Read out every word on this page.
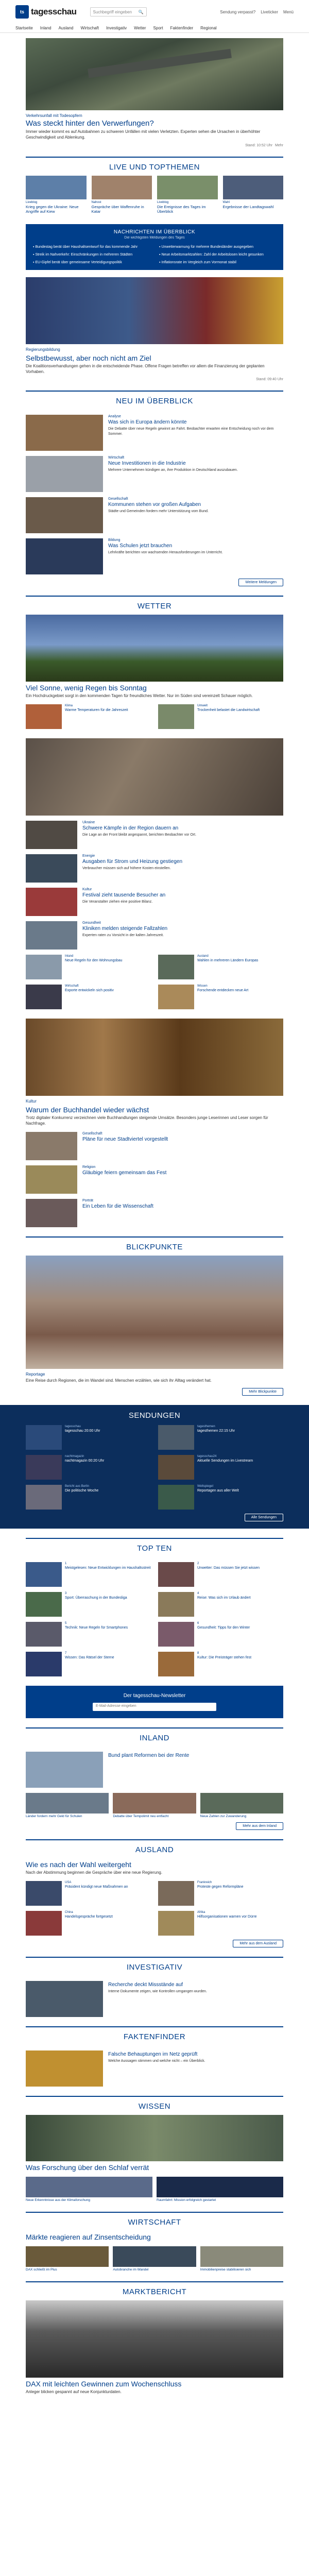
ts tagesschau	Suchbegriff eingeben 🔍	Sendung verpasst? Liveticker Menü
Startseite Inland Ausland Wirtschaft Investigativ Wetter Sport Faktenfinder Regional
Verkehrsunfall mit Todesopfern
Was steckt hinter den Verwerfungen?
Immer wieder kommt es auf Autobahnen zu schweren Unfällen mit vielen Verletzten. Experten sehen die Ursachen in überhöhter Geschwindigkeit und Ablenkung.
Stand: 10:52 Uhr Mehr
LIVE UND TOPTHEMEN
Liveblog
Krieg gegen die Ukraine: Neue Angriffe auf Kiew
Nahost
Gespräche über Waffenruhe in Katar
Liveblog
Die Ereignisse des Tages im Überblick
Wahl
Ergebnisse der Landtagswahl
NACHRICHTEN IM ÜBERBLICK
Die wichtigsten Meldungen des Tages
▪ Bundestag berät über Haushaltsentwurf für das kommende Jahr	▪ Unwetterwarnung für mehrere Bundesländer ausgegeben
▪ Streik im Nahverkehr: Einschränkungen in mehreren Städten	▪ Neue Arbeitsmarktzahlen: Zahl der Arbeitslosen leicht gesunken
▪ EU-Gipfel berät über gemeinsame Verteidigungspolitik	▪ Inflationsrate im Vergleich zum Vormonat stabil
Regierungsbildung
Selbstbewusst, aber noch nicht am Ziel
Die Koalitionsverhandlungen gehen in die entscheidende Phase. Offene Fragen betreffen vor allem die Finanzierung der geplanten Vorhaben.
Stand: 09:40 Uhr
NEU IM ÜBERBLICK
Analyse
Was sich in Europa ändern könnte

Die Debatte über neue Regeln gewinnt an Fahrt. Beobachter erwarten eine Entscheidung noch vor dem Sommer.

Wirtschaft
Neue Investitionen in die Industrie

Mehrere Unternehmen kündigen an, ihre Produktion in Deutschland auszubauen.

Gesellschaft
Kommunen stehen vor großen Aufgaben

Städte und Gemeinden fordern mehr Unterstützung vom Bund.

Bildung
Was Schulen jetzt brauchen

Lehrkräfte berichten von wachsenden Herausforderungen im Unterricht.

Weitere Meldungen
WETTER
Viel Sonne, wenig Regen bis Sonntag
Ein Hochdruckgebiet sorgt in den kommenden Tagen für freundliches Wetter. Nur im Süden sind vereinzelt Schauer möglich.
Klima
Warme Temperaturen für die Jahreszeit
Umwelt
Trockenheit belastet die Landwirtschaft
Ukraine
Schwere Kämpfe in der Region dauern an

Die Lage an der Front bleibt angespannt, berichten Beobachter vor Ort.

Energie
Ausgaben für Strom und Heizung gestiegen

Verbraucher müssen sich auf höhere Kosten einstellen.

Kultur
Festival zieht tausende Besucher an

Die Veranstalter ziehen eine positive Bilanz.

Gesundheit
Kliniken melden steigende Fallzahlen

Experten raten zu Vorsicht in der kalten Jahreszeit.

Inland
Neue Regeln für den Wohnungsbau
Ausland
Wahlen in mehreren Ländern Europas
Wirtschaft
Exporte entwickeln sich positiv
Wissen
Forschende entdecken neue Art
Kultur
Warum der Buchhandel wieder wächst
Trotz digitaler Konkurrenz verzeichnen viele Buchhandlungen steigende Umsätze. Besonders junge Leserinnen und Leser sorgen für Nachfrage.
Gesellschaft
Pläne für neue Stadtviertel vorgestellt
Religion
Gläubige feiern gemeinsam das Fest
Porträt
Ein Leben für die Wissenschaft
BLICKPUNKTE
Reportage
Eine Reise durch Regionen, die im Wandel sind. Menschen erzählen, wie sich ihr Alltag verändert hat.
Mehr Blickpunkte
SENDUNGEN
tagesschau
tagesschau 20:00 Uhr
tagesthemen
tagesthemen 22:15 Uhr
nachtmagazin
nachtmagazin 00:20 Uhr
tagesschau24
Aktuelle Sendungen im Livestream
Bericht aus Berlin
Die politische Woche
Weltspiegel
Reportagen aus aller Welt
Alle Sendungen
TOP TEN
1
Meistgelesen: Neue Entwicklungen im Haushaltsstreit
2
Unwetter: Das müssen Sie jetzt wissen
3
Sport: Überraschung in der Bundesliga
4
Reise: Was sich im Urlaub ändert
5
Technik: Neue Regeln für Smartphones
6
Gesundheit: Tipps für den Winter
7
Wissen: Das Rätsel der Sterne
8
Kultur: Die Preisträger stehen fest
Der tagesschau-Newsletter
E-Mail-Adresse eingeben
INLAND
Bund plant Reformen bei der Rente
Länder fordern mehr Geld für Schulen	Debatte über Tempolimit neu entfacht	Neue Zahlen zur Zuwanderung
Mehr aus dem Inland
AUSLAND
Wie es nach der Wahl weitergeht
Nach der Abstimmung beginnen die Gespräche über eine neue Regierung.
USA
Präsident kündigt neue Maßnahmen an
Frankreich
Proteste gegen Reformpläne
China
Handelsgespräche fortgesetzt
Afrika
Hilfsorganisationen warnen vor Dürre
Mehr aus dem Ausland
INVESTIGATIV
Recherche deckt Missstände auf

Interne Dokumente zeigen, wie Kontrollen umgangen wurden.

FAKTENFINDER
Falsche Behauptungen im Netz geprüft

Welche Aussagen stimmen und welche nicht – ein Überblick.

WISSEN
Was Forschung über den Schlaf verrät
Neue Erkenntnisse aus der Klimaforschung	Raumfahrt: Mission erfolgreich gestartet
WIRTSCHAFT
Märkte reagieren auf Zinsentscheidung
DAX schließt im Plus	Autobranche im Wandel	Immobilienpreise stabilisieren sich
MARKTBERICHT
DAX mit leichten Gewinnen zum Wochenschluss
Anleger blicken gespannt auf neue Konjunkturdaten.
